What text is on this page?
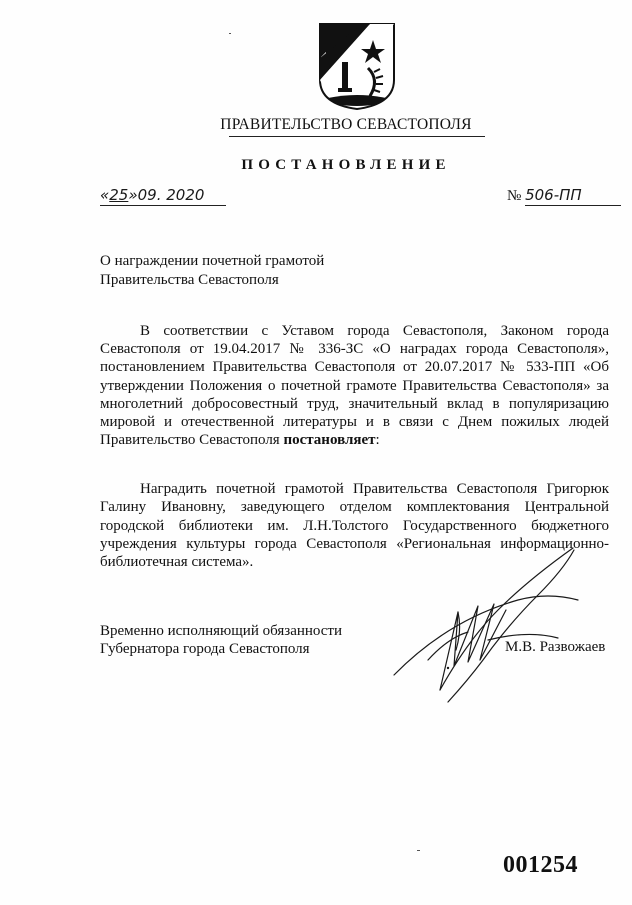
ПРАВИТЕЛЬСТВО СЕВАСТОПОЛЯ
ПОСТАНОВЛЕНИЕ
«25»09. 2020	№ 506-ПП
О награждении почетной грамотой
Правительства Севастополя
В соответствии с Уставом города Севастополя, Законом города Севастополя от 19.04.2017 № 336-ЗС «О наградах города Севастополя», постановлением Правительства Севастополя от 20.07.2017 № 533-ПП «Об утверждении Положения о почетной грамоте Правительства Севастополя» за многолетний добросовестный труд, значительный вклад в популяризацию мировой и отечественной литературы и в связи с Днем пожилых людей Правительство Севастополя постановляет:
Наградить почетной грамотой Правительства Севастополя Григорюк Галину Ивановну, заведующего отделом комплектования Центральной городской библиотеки им. Л.Н.Толстого Государственного бюджетного учреждения культуры города Севастополя «Региональная информационно-библиотечная система».
Временно исполняющий обязанности
Губернатора города Севастополя	М.В. Развожаев
001254
